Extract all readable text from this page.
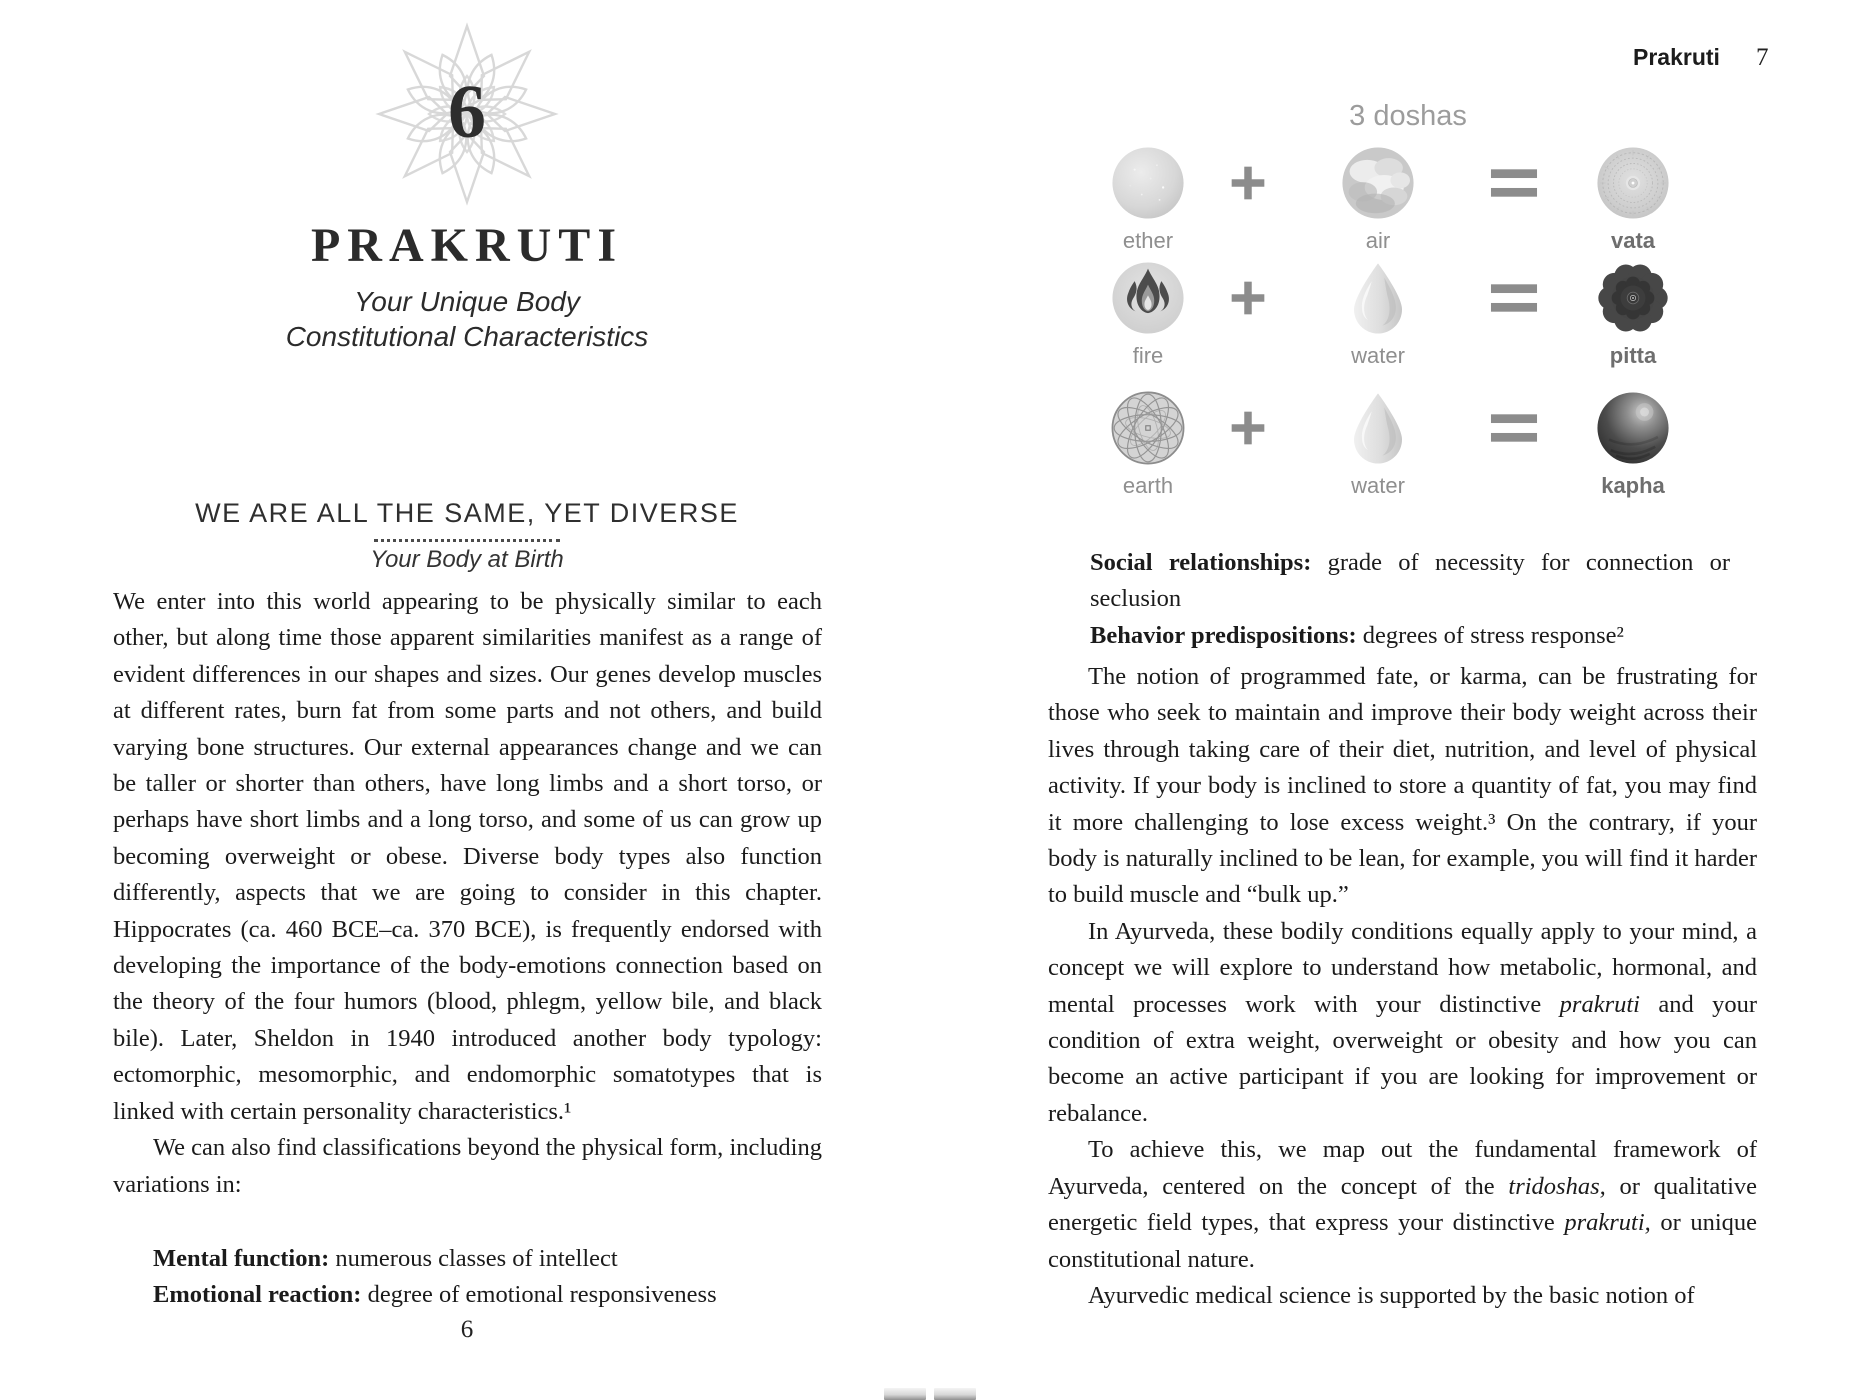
6
PRAKRUTI
Your Unique Body
Constitutional Characteristics
WE ARE ALL THE SAME, YET DIVERSE
Your Body at Birth

We enter into this world appearing to be physically similar to each other, but along time those apparent similarities manifest as a range of evident differences in our shapes and sizes. Our genes develop muscles at different rates, burn fat from some parts and not others, and build varying bone structures. Our external appearances change and we can be taller or shorter than others, have long limbs and a short torso, or perhaps have short limbs and a long torso, and some of us can grow up becoming overweight or obese. Diverse body types also function differently, aspects that we are going to consider in this chapter. Hippocrates (ca. 460 BCE–ca. 370 BCE), is frequently endorsed with developing the importance of the body-emotions connection based on the theory of the four humors (blood, phlegm, yellow bile, and black bile). Later, Sheldon in 1940 introduced another body typology: ectomorphic, mesomorphic, and endomorphic somatotypes that is linked with certain personality characteristics.¹

We can also find classifications beyond the physical form, including variations in:

Mental function: numerous classes of intellect

Emotional reaction: degree of emotional responsiveness

6
Prakruti 7
3 doshas
ether	air	vata
fire	water	pitta
earth	water	kapha

Social relationships: grade of necessity for connection or seclusion

Behavior predispositions: degrees of stress response²

The notion of programmed fate, or karma, can be frustrating for those who seek to maintain and improve their body weight across their lives through taking care of their diet, nutrition, and level of physical activity. If your body is inclined to store a quantity of fat, you may find it more challenging to lose excess weight.³ On the contrary, if your body is naturally inclined to be lean, for example, you will find it harder to build muscle and “bulk up.”

In Ayurveda, these bodily conditions equally apply to your mind, a concept we will explore to understand how metabolic, hormonal, and mental processes work with your distinctive prakruti and your condition of extra weight, overweight or obesity and how you can become an active participant if you are looking for improvement or rebalance.

To achieve this, we map out the fundamental framework of Ayurveda, centered on the concept of the tridoshas, or qualitative energetic field types, that express your distinctive prakruti, or unique constitutional nature.

Ayurvedic medical science is supported by the basic notion of
